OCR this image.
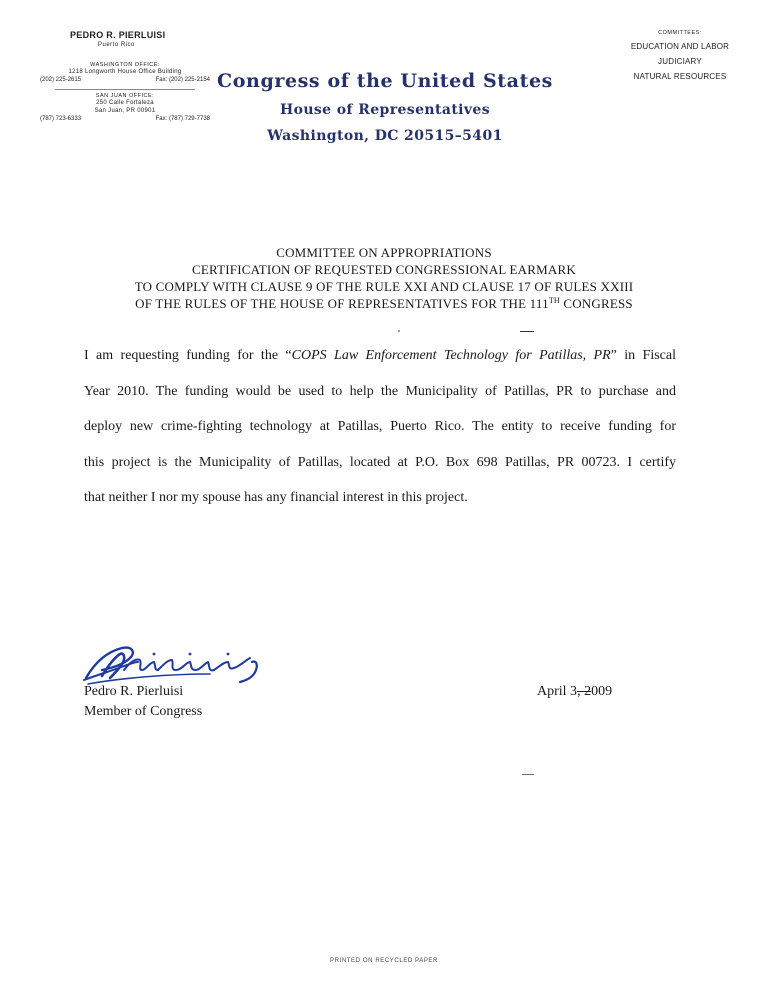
PEDRO R. PIERLUISI
Puerto Rico
WASHINGTON OFFICE:
1218 Longworth House Office Building
(202) 225-2615	Fax: (202) 225-2154
SAN JUAN OFFICE:
250 Calle Fortaleza
San Juan, PR 00901
(787) 723-6333	Fax: (787) 729-7738
Congress of the United States
House of Representatives
Washington, DC 20515–5401
COMMITTEES:
EDUCATION AND LABOR
JUDICIARY
NATURAL RESOURCES
COMMITTEE ON APPROPRIATIONS
CERTIFICATION OF REQUESTED CONGRESSIONAL EARMARK
TO COMPLY WITH CLAUSE 9 OF THE RULE XXI AND CLAUSE 17 OF RULES XXIII
OF THE RULES OF THE HOUSE OF REPRESENTATIVES FOR THE 111TH CONGRESS
I am requesting funding for the “COPS Law Enforcement Technology for Patillas, PR” in Fiscal
Year 2010. The funding would be used to help the Municipality of Patillas, PR to purchase and
deploy new crime-fighting technology at Patillas, Puerto Rico. The entity to receive funding for
this project is the Municipality of Patillas, located at P.O. Box 698 Patillas, PR 00723. I certify
that neither I nor my spouse has any financial interest in this project.
Pedro R. Pierluisi
Member of Congress
April 3, 2009
PRINTED ON RECYCLED PAPER
